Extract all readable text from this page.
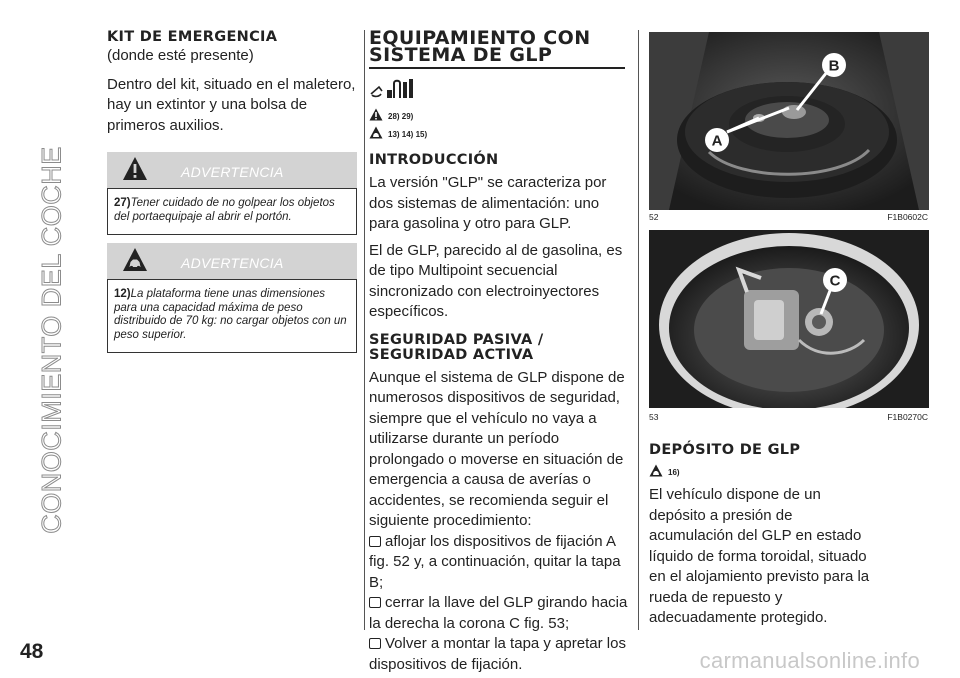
CONOCIMIENTO DEL COCHE
48	carmanualsonline.info
KIT DE EMERGENCIA
(donde esté presente)
Dentro del kit, situado en el maletero, hay un extintor y una bolsa de primeros auxilios.
ADVERTENCIA
27)Tener cuidado de no golpear los objetos del portaequipaje al abrir el portón.
ADVERTENCIA
12)La plataforma tiene unas dimensiones para una capacidad máxima de peso distribuido de 70 kg: no cargar objetos con un peso superior.
EQUIPAMIENTO CON
SISTEMA DE GLP
28) 29)
13) 14) 15)
INTRODUCCIÓN
La versión "GLP" se caracteriza por dos sistemas de alimentación: uno para gasolina y otro para GLP.
El de GLP, parecido al de gasolina, es de tipo Multipoint secuencial sincronizado con electroinyectores específicos.
SEGURIDAD PASIVA /
SEGURIDAD ACTIVA
Aunque el sistema de GLP dispone de numerosos dispositivos de seguridad, siempre que el vehículo no vaya a utilizarse durante un período prolongado o moverse en situación de emergencia a causa de averías o accidentes, se recomienda seguir el siguiente procedimiento:
aflojar los dispositivos de fijación A fig. 52 y, a continuación, quitar la tapa B;
cerrar la llave del GLP girando hacia la derecha la corona C fig. 53;
Volver a montar la tapa y apretar los dispositivos de fijación.
A
B
52	F1B0602C
C
53	F1B0270C
DEPÓSITO DE GLP
16)
El vehículo dispone de un depósito a presión de acumulación del GLP en estado líquido de forma toroidal, situado en el alojamiento previsto para la rueda de repuesto y adecuadamente protegido.
